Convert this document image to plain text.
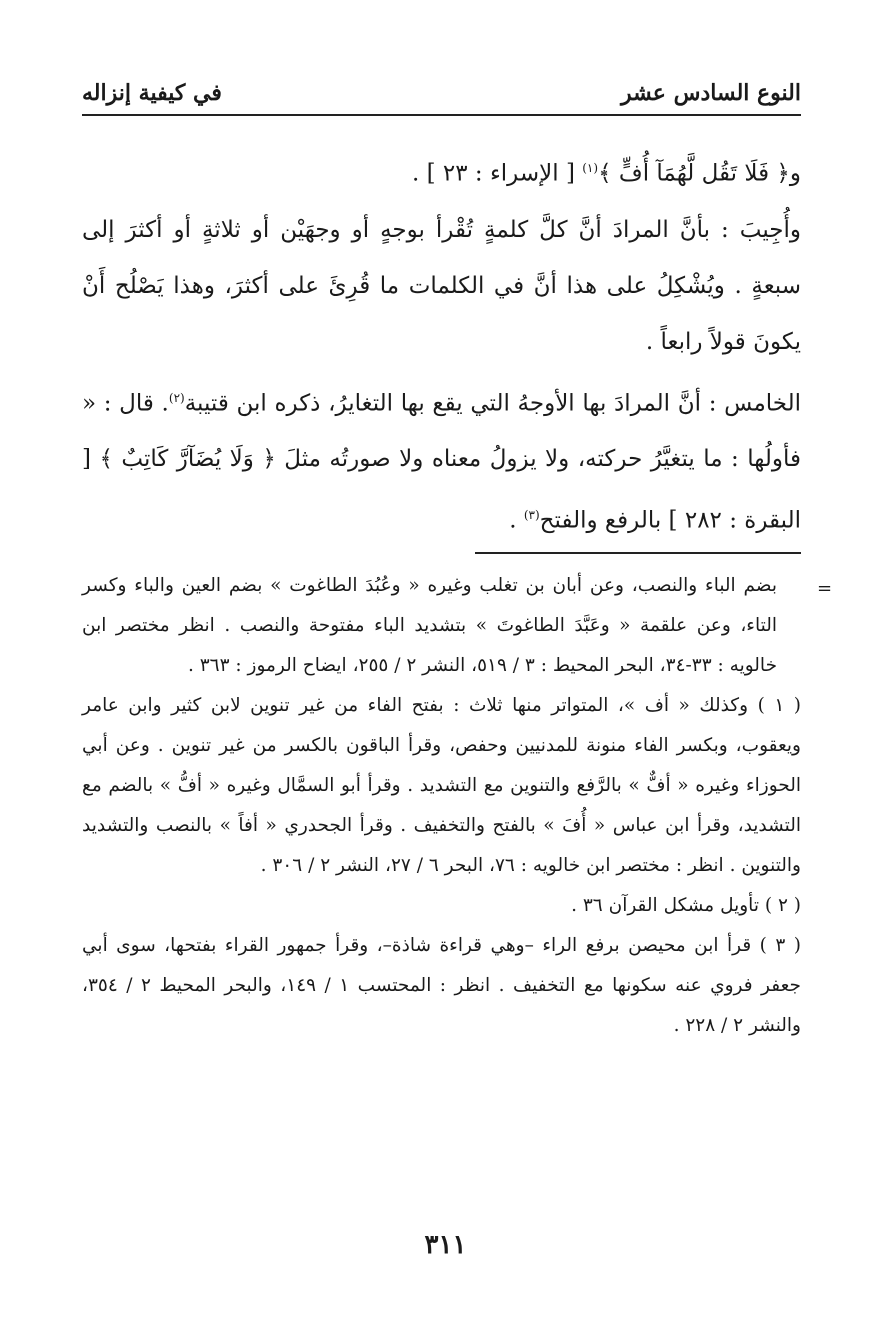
النوع السادس عشر
في كيفية إنزاله

و﴿ فَلَا تَقُل لَّهُمَآ أُفٍّ ﴾$^{(١)}$ [ الإسراء : ٢٣ ] .

وأُجِيبَ : بأنَّ المرادَ أنَّ كلَّ كلمةٍ تُقْرأ بوجهٍ أو وجهَيْن أو ثلاثةٍ أو أكثرَ إلى سبعةٍ . ويُشْكِلُ على هذا أنَّ في الكلمات ما قُرِئَ على أكثرَ، وهذا يَصْلُح أَنْ يكونَ قولاً رابعاً .

الخامس : أنَّ المرادَ بها الأوجهُ التي يقع بها التغايرُ، ذكره ابن قتيبة$^{(٢)}$. قال : « فأولُها : ما يتغيَّرُ حركته، ولا يزولُ معناه ولا صورتُه مثلَ ﴿ وَلَا يُضَآرَّ كَاتِبٌ ﴾ [ البقرة : ٢٨٢ ] بالرفع والفتح$^{(٣)}$ .

=

بضم الباء والنصب، وعن أبان بن تغلب وغيره « وعُبُدَ الطاغوت » بضم العين والباء وكسر التاء، وعن علقمة « وعَبَّدَ الطاغوتَ » بتشديد الباء مفتوحة والنصب . انظر مختصر ابن خالويه : ٣٣-٣٤، البحر المحيط : ٣ / ٥١٩، النشر ٢ / ٢٥٥، ايضاح الرموز : ٣٦٣ .

( ١ ) وكذلك « أف »، المتواتر منها ثلاث : بفتح الفاء من غير تنوين لابن كثير وابن عامر ويعقوب، وبكسر الفاء منونة للمدنيين وحفص، وقرأ الباقون بالكسر من غير تنوين . وعن أبي الحوزاء وغيره « أفٌّ » بالرَّفع والتنوين مع التشديد . وقرأ أبو السمَّال وغيره « أفُّ » بالضم مع التشديد، وقرأ ابن عباس « أُفَ » بالفتح والتخفيف . وقرأ الجحدري « أفاً » بالنصب والتشديد والتنوين . انظر : مختصر ابن خالويه : ٧٦، البحر ٦ / ٢٧، النشر ٢ / ٣٠٦ .

( ٢ ) تأويل مشكل القرآن ٣٦ .

( ٣ ) قرأ ابن محيصن برفع الراء –وهي قراءة شاذة–، وقرأ جمهور القراء بفتحها، سوى أبي جعفر فروي عنه سكونها مع التخفيف . انظر : المحتسب ١ / ١٤٩، والبحر المحيط ٢ / ٣٥٤، والنشر ٢ / ٢٢٨ .

٣١١
